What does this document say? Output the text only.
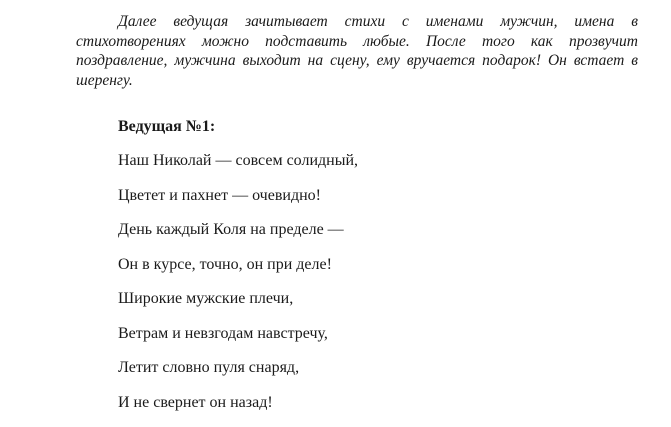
Далее ведущая зачитывает стихи с именами мужчин, имена в стихотворениях можно подставить любые. После того как прозвучит поздравление, мужчина выходит на сцену, ему вручается подарок! Он встает в шеренгу.

Ведущая №1:

Наш Николай — совсем солидный,
Цветет и пахнет — очевидно!
День каждый Коля на пределе —
Он в курсе, точно, он при деле!
Широкие мужские плечи,
Ветрам и невзгодам навстречу,
Летит словно пуля снаряд,
И не свернет он назад!
